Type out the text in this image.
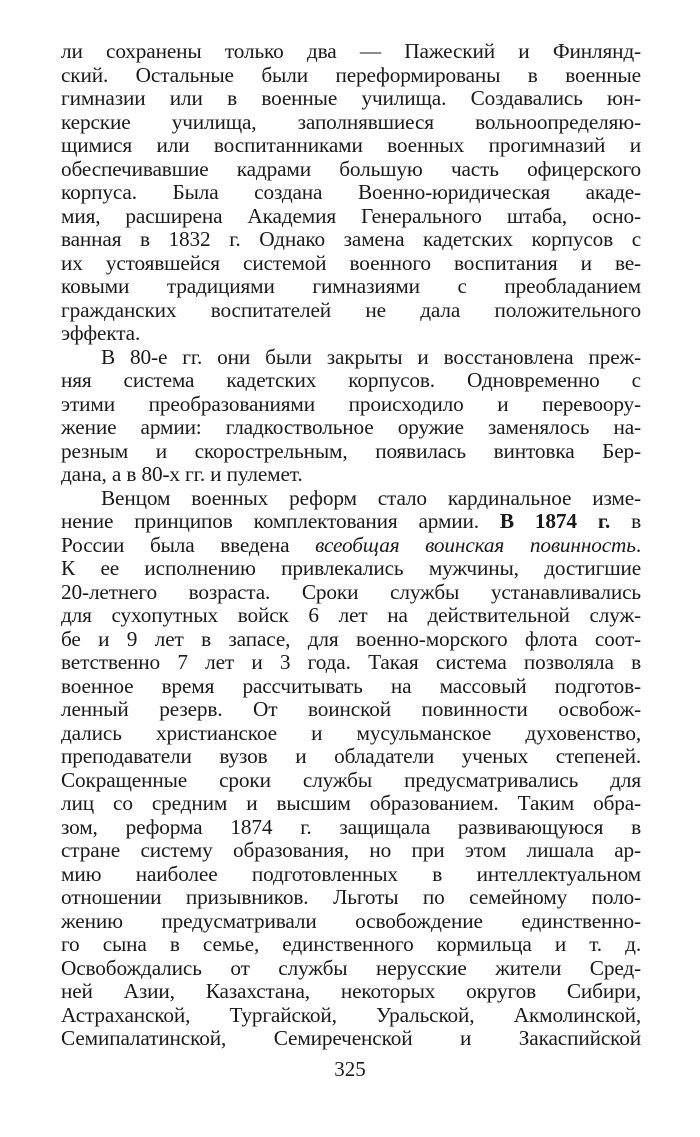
ли сохранены только два — Пажеский и Финлянд-
ский. Остальные были переформированы в военные
гимназии или в военные училища. Создавались юн-
керские училища, заполнявшиеся вольноопределяю-
щимися или воспитанниками военных прогимназий и
обеспечивавшие кадрами большую часть офицерского
корпуса. Была создана Военно-юридическая акаде-
мия, расширена Академия Генерального штаба, осно-
ванная в 1832 г. Однако замена кадетских корпусов с
их устоявшейся системой военного воспитания и ве-
ковыми традициями гимназиями с преобладанием
гражданских воспитателей не дала положительного
эффекта.
В 80-е гг. они были закрыты и восстановлена преж-
няя система кадетских корпусов. Одновременно с
этими преобразованиями происходило и перевоору-
жение армии: гладкоствольное оружие заменялось на-
резным и скорострельным, появилась винтовка Бер-
дана, а в 80-х гг. и пулемет.
Венцом военных реформ стало кардинальное изме-
нение принципов комплектования армии. В 1874 г. в
России была введена всеобщая воинская повинность.
К ее исполнению привлекались мужчины, достигшие
20-летнего возраста. Сроки службы устанавливались
для сухопутных войск 6 лет на действительной служ-
бе и 9 лет в запасе, для военно-морского флота соот-
ветственно 7 лет и 3 года. Такая система позволяла в
военное время рассчитывать на массовый подготов-
ленный резерв. От воинской повинности освобож-
дались христианское и мусульманское духовенство,
преподаватели вузов и обладатели ученых степеней.
Сокращенные сроки службы предусматривались для
лиц со средним и высшим образованием. Таким обра-
зом, реформа 1874 г. защищала развивающуюся в
стране систему образования, но при этом лишала ар-
мию наиболее подготовленных в интеллектуальном
отношении призывников. Льготы по семейному поло-
жению предусматривали освобождение единственно-
го сына в семье, единственного кормильца и т. д.
Освобождались от службы нерусские жители Сред-
ней Азии, Казахстана, некоторых округов Сибири,
Астраханской, Тургайской, Уральской, Акмолинской,
Семипалатинской, Семиреченской и Закаспийской
325
